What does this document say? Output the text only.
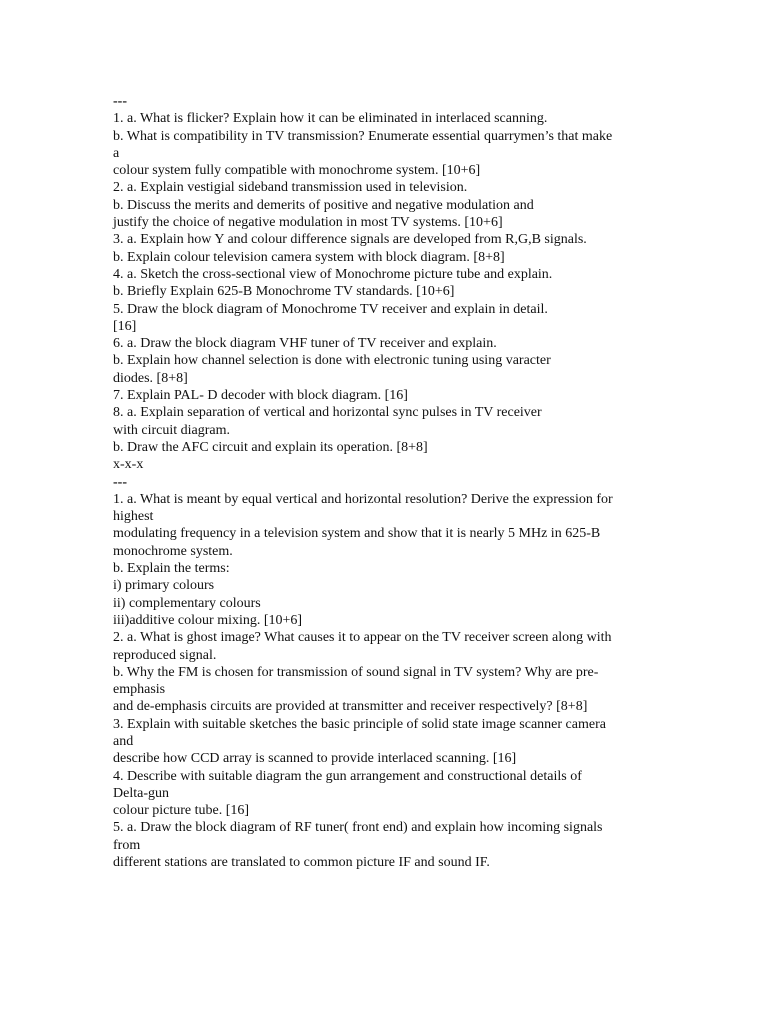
---
1. a. What is flicker? Explain how it can be eliminated in interlaced scanning.
b. What is compatibility in TV transmission? Enumerate essential quarrymen’s that make
a
colour system fully compatible with monochrome system. [10+6]
2. a. Explain vestigial sideband transmission used in television.
b. Discuss the merits and demerits of positive and negative modulation and
justify the choice of negative modulation in most TV systems. [10+6]
3. a. Explain how Y and colour difference signals are developed from R,G,B signals.
b. Explain colour television camera system with block diagram. [8+8]
4. a. Sketch the cross-sectional view of Monochrome picture tube and explain.
b. Briefly Explain 625-B Monochrome TV standards. [10+6]
5. Draw the block diagram of Monochrome TV receiver and explain in detail.
[16]
6. a. Draw the block diagram VHF tuner of TV receiver and explain.
b. Explain how channel selection is done with electronic tuning using varacter
diodes. [8+8]
7. Explain PAL- D decoder with block diagram. [16]
8. a. Explain separation of vertical and horizontal sync pulses in TV receiver
with circuit diagram.
b. Draw the AFC circuit and explain its operation. [8+8]
x-x-x
---
1. a. What is meant by equal vertical and horizontal resolution? Derive the expression for
highest
modulating frequency in a television system and show that it is nearly 5 MHz in 625-B
monochrome system.
b. Explain the terms:
i) primary colours
ii) complementary colours
iii)additive colour mixing. [10+6]
2. a. What is ghost image? What causes it to appear on the TV receiver screen along with
reproduced signal.
b. Why the FM is chosen for transmission of sound signal in TV system? Why are pre-
emphasis
and de-emphasis circuits are provided at transmitter and receiver respectively? [8+8]
3. Explain with suitable sketches the basic principle of solid state image scanner camera
and
describe how CCD array is scanned to provide interlaced scanning. [16]
4. Describe with suitable diagram the gun arrangement and constructional details of
Delta-gun
colour picture tube. [16]
5. a. Draw the block diagram of RF tuner( front end) and explain how incoming signals
from
different stations are translated to common picture IF and sound IF.
